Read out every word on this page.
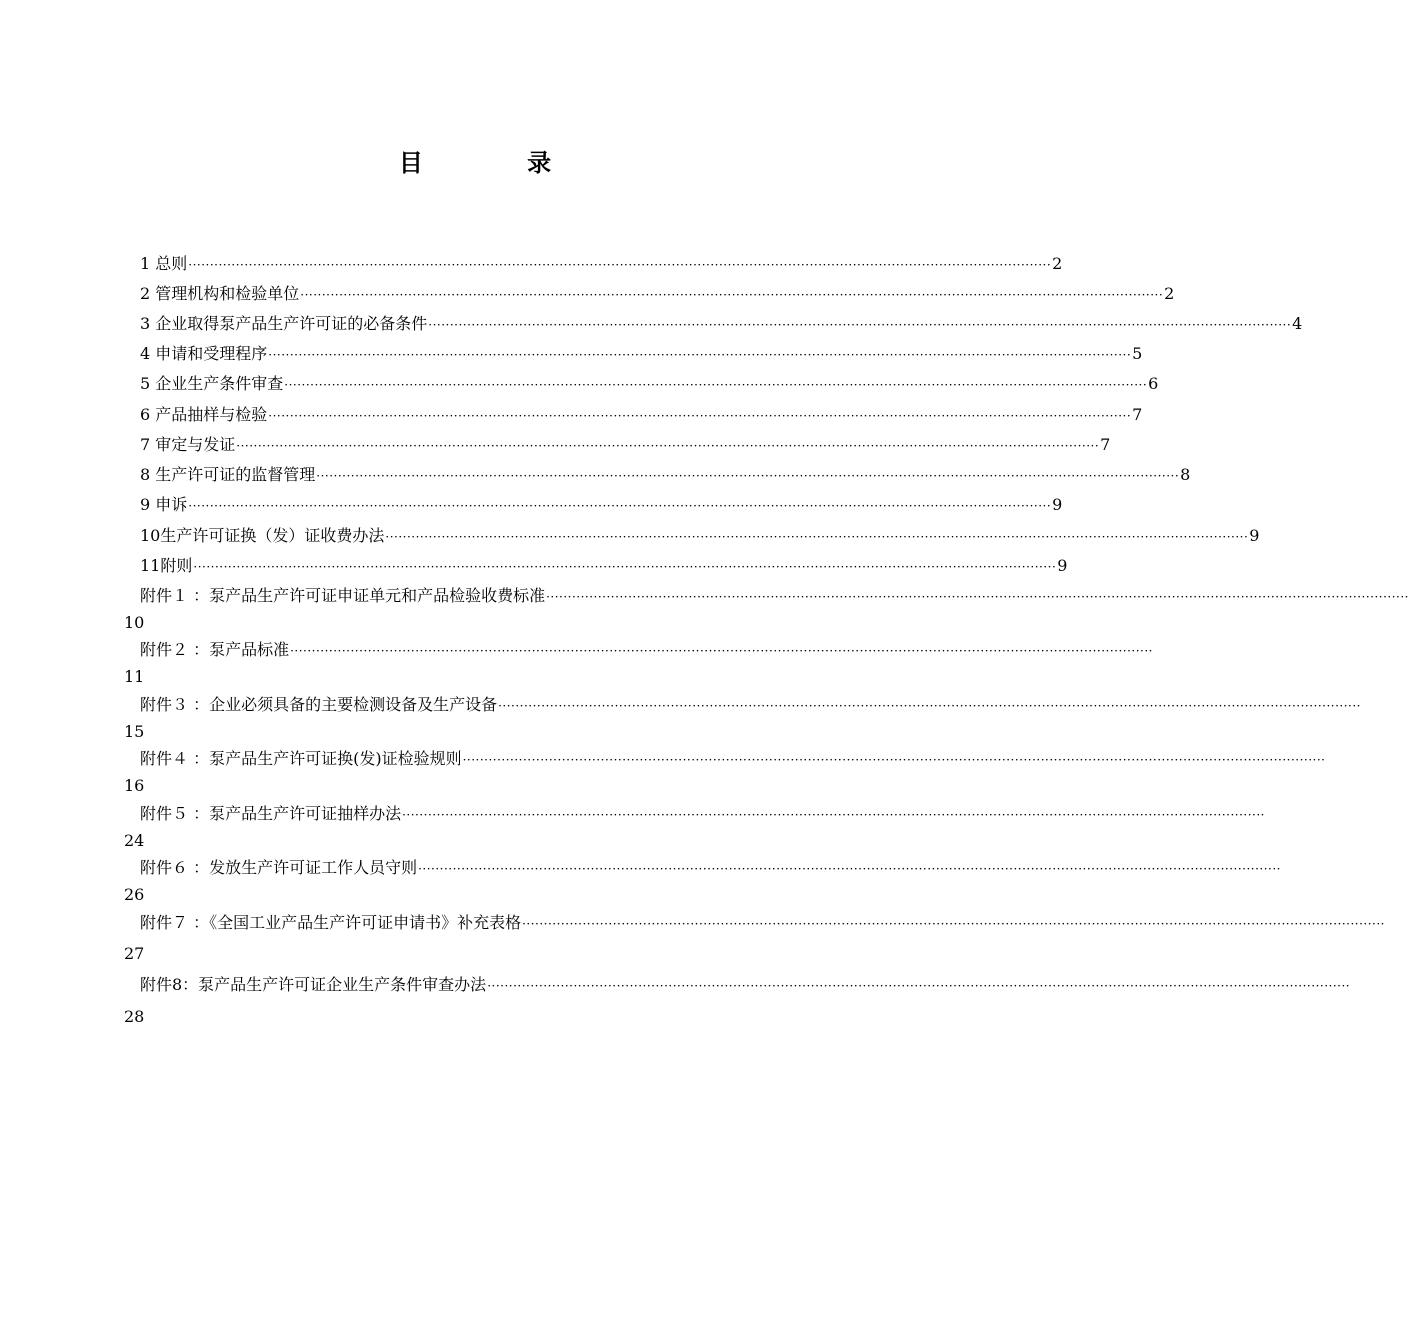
目 录
1 总则 ········································································································································································································ 2
2 管理机构和检验单位 ········································································································································································································ 2
3 企业取得泵产品生产许可证的必备条件 ········································································································································································································ 4
4 申请和受理程序 ········································································································································································································ 5
5 企业生产条件审查 ········································································································································································································ 6
6 产品抽样与检验 ········································································································································································································ 7
7 审定与发证 ········································································································································································································ 7
8 生产许可证的监督管理 ········································································································································································································ 8
9 申诉 ········································································································································································································ 9
10生产许可证换（发）证收费办法 ········································································································································································································ 9
11附则 ········································································································································································································ 9
附件１ ：泵产品生产许可证申证单元和产品检验收费标准 ········································································································································································································
10
附件２ ：泵产品标准 ········································································································································································································
11
附件３ ：企业必须具备的主要检测设备及生产设备 ········································································································································································································
15
附件４ ：泵产品生产许可证换(发)证检验规则 ········································································································································································································
16
附件５ ：泵产品生产许可证抽样办法 ········································································································································································································
24
附件６ ：发放生产许可证工作人员守则 ········································································································································································································
26
附件７ ：《全国工业产品生产许可证申请书》补充表格 ········································································································································································································
27
附件8：泵产品生产许可证企业生产条件审查办法 ········································································································································································································
28
